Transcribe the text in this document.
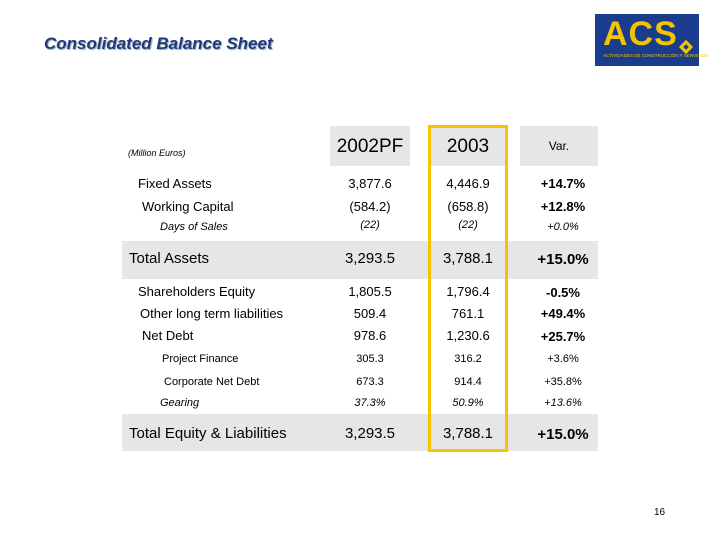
Consolidated Balance Sheet	ACS
ACTIVIDADES DE CONSTRUCCIÓN Y SERVICIOS
(Million Euros)	2002PF	2003	Var.
Fixed Assets	3,877.6	4,446.9	+14.7%
Working Capital	(584.2)	(658.8)	+12.8%
Days of Sales	(22)	(22)	+0.0%
Total Assets	3,293.5	3,788.1	+15.0%
Shareholders Equity	1,805.5	1,796.4	-0.5%
Other long term liabilities	509.4	761.1	+49.4%
Net Debt	978.6	1,230.6	+25.7%
Project Finance	305.3	316.2	+3.6%
Corporate Net Debt	673.3	914.4	+35.8%
Gearing	37.3%	50.9%	+13.6%
Total Equity & Liabilities	3,293.5	3,788.1	+15.0%
16
